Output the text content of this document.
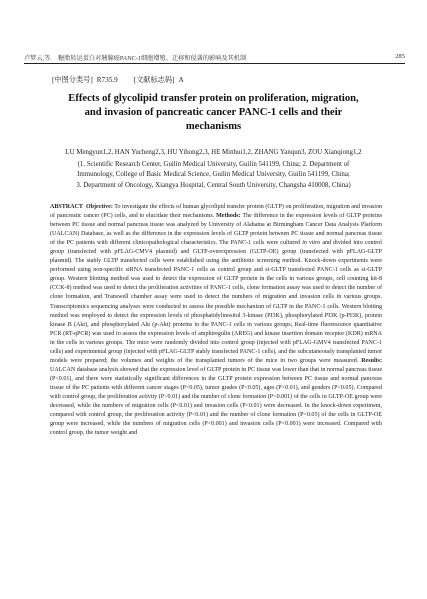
卢梦云,等. 糖脂转运蛋白对胰腺癌PANC-1细胞增殖、迁移和侵袭的影响及其机制	285
[中图分类号] R735.9 [文献标志码] A
Effects of glycolipid transfer protein on proliferation, migration,
and invasion of pancreatic cancer PANC-1 cells and their
mechanisms
LU Mengyun1,2, HAN Yucheng2,3, HU Yihong2,3, HE Minhui1,2, ZHANG Yanqun3, ZOU Xianqiong1,2
(1. Scientific Research Center, Guilin Medical University, Guilin 541199, China; 2. Department of
Immunology, College of Basic Medical Science, Guilin Medical University, Guilin 541199, China;
3. Department of Oncology, Xiangya Hospital, Central South University, Changsha 410008, China)
ABSTRACT Objective: To investigate the effects of human glycolipid transfer protein (GLTP) on proliferation, migration and invasion of pancreatic cancer (PC) cells, and to elucidate their mechanisms. Methods: The difference in the expression levels of GLTP proteins between PC tissue and normal pancreas tissue was analyzed by University of Alabama at Birmingham Cancer Data Analysis Platform (UALCAN) Database, as well as the difference in the expression levels of GLTP protein between PC tissue and normal pancreas tissue of the PC patients with different clinicopathological characteristics. The PANC-1 cells were cultured in vitro and divided into control group (transfected with pFLAG-CMV4 plasmid) and GLTP-overexpression (GLTP-OE) group (transfected with pFLAG-GLTP plasmid). The stably GLTP transfected cells were established using the antibiotic screening method. Knock-down experiments were performed using non-specific siRNA transfected PANC-1 cells as control group and si-GLTP transfected PANC-1 cells as si-GLTP group. Western blotting method was used to detect the expression of GLTP protein in the cells in various groups, cell counting kit-8 (CCK-8) method was used to detect the proliferation activities of PANC-1 cells, clone formation assay was used to detect the number of clone formation, and Transwell chamber assay were used to detect the numbers of migration and invasion cells in various groups. Transcriptomics sequencing analyses were conducted to assess the possible mechanism of GLTP in the PANC-1 cells. Western blotting method was employed to detect the expression levels of phosphatidylinositol 3-kinase (PI3K), phosphorylated PI3K (p-PI3K), protein kinase B (Akt), and phosphorylated Akt (p-Akt) proteins in the PANC-1 cells in various groups; Real-time fluorescence quantitative PCR (RT-qPCR) was used to assess the expression levels of amphiregulin (AREG) and kinase insertion domain receptor (KDR) mRNA in the cells in various groups. The mice were randomly divided into control group (injected with pFLAG-GMV4 transfected PANC-1 cells) and experimental group (injected with pFLAG-GLTP stably transfected PANC-1 cells), and the subcutaneously transplanted tumor models were prepared; the volumes and weights of the transplanted tumors of the mice in two groups were measured. Results: UALCAN database analysis showed that the expression level of GLTP protein in PC tissue was lower than that in normal pancreas tissue (P<0.01), and there were statistically significant differences in the GLTP protein expression between PC tissue and normal pancreas tissue of the PC patients with different cancer stages (P<0.05), tumor grades (P<0.05), ages (P<0.01), and genders (P<0.05). Compared with control group, the proliferation activity (P<0.01) and the number of clone formation (P<0.001) of the cells in GLTP-OE group were decreased, while the numbers of migration cells (P<0.01) and invasion cells (P<0.01) were decreased. In the knock-down experiment, compared with control group, the proliferation activity (P<0.01) and the number of clone formation (P<0.05) of the cells in GLTP-OE group were increased, while the numbers of migration cells (P<0.001) and invasion cells (P<0.001) were increased. Compared with control group, the tumor weight and
